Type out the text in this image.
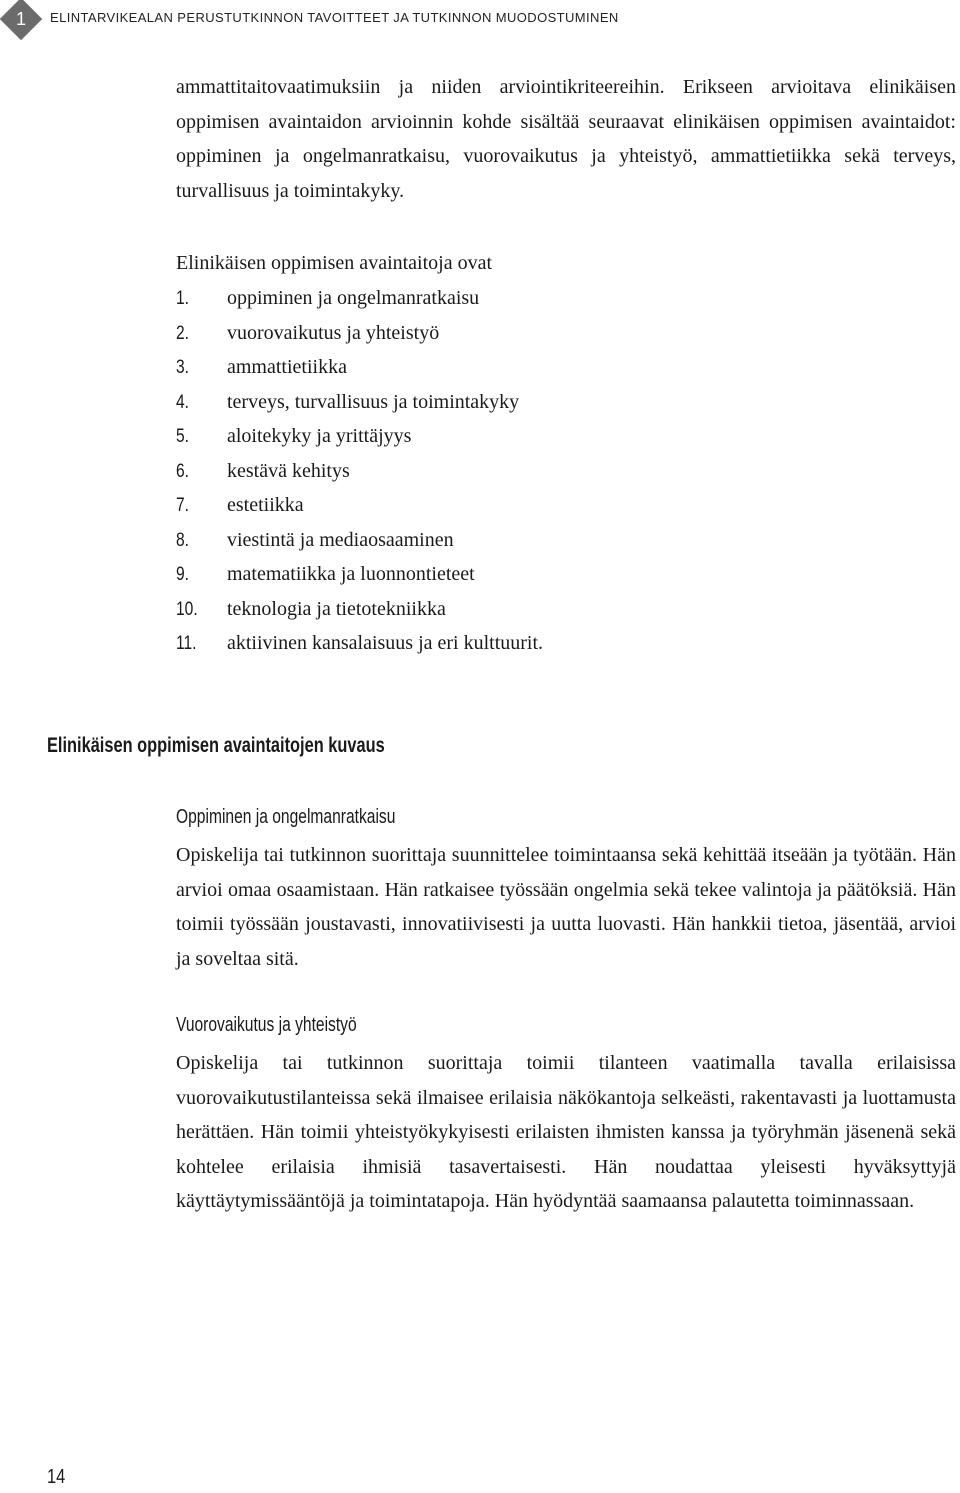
1	ELINTARVIKEALAN PERUSTUTKINNON TAVOITTEET JA TUTKINNON MUODOSTUMINEN

ammattitaitovaatimuksiin ja niiden arviointikriteereihin. Erikseen arvioitava elinikäisen oppimisen avaintaidon arvioinnin kohde sisältää seuraavat elinikäisen oppimisen avaintaidot: oppiminen ja ongelmanratkaisu, vuorovaikutus ja yhteistyö, ammattietiikka sekä terveys, turvallisuus ja toimintakyky.

Elinikäisen oppimisen avaintaitoja ovat
1. oppiminen ja ongelmanratkaisu
2. vuorovaikutus ja yhteistyö
3. ammattietiikka
4. terveys, turvallisuus ja toimintakyky
5. aloitekyky ja yrittäjyys
6. kestävä kehitys
7. estetiikka
8. viestintä ja mediaosaaminen
9. matematiikka ja luonnontieteet
10. teknologia ja tietotekniikka
11. aktiivinen kansalaisuus ja eri kulttuurit.
Elinikäisen oppimisen avaintaitojen kuvaus
Oppiminen ja ongelmanratkaisu

Opiskelija tai tutkinnon suorittaja suunnittelee toimintaansa sekä kehittää itseään ja työtään. Hän arvioi omaa osaamistaan. Hän ratkaisee työssään ongelmia sekä tekee valintoja ja päätöksiä. Hän toimii työssään joustavasti, innovatiivisesti ja uutta luovasti. Hän hankkii tietoa, jäsentää, arvioi ja soveltaa sitä.

Vuorovaikutus ja yhteistyö

Opiskelija tai tutkinnon suorittaja toimii tilanteen vaatimalla tavalla erilaisissa vuorovaikutustilanteissa sekä ilmaisee erilaisia näkökantoja selkeästi, rakentavasti ja luottamusta herättäen. Hän toimii yhteistyökykyisesti erilaisten ihmisten kanssa ja työryhmän jäsenenä sekä kohtelee erilaisia ihmisiä tasavertaisesti. Hän noudattaa yleisesti hyväksyttyjä käyttäytymissääntöjä ja toimintatapoja. Hän hyödyntää saamaansa palautetta toiminnassaan.

14
